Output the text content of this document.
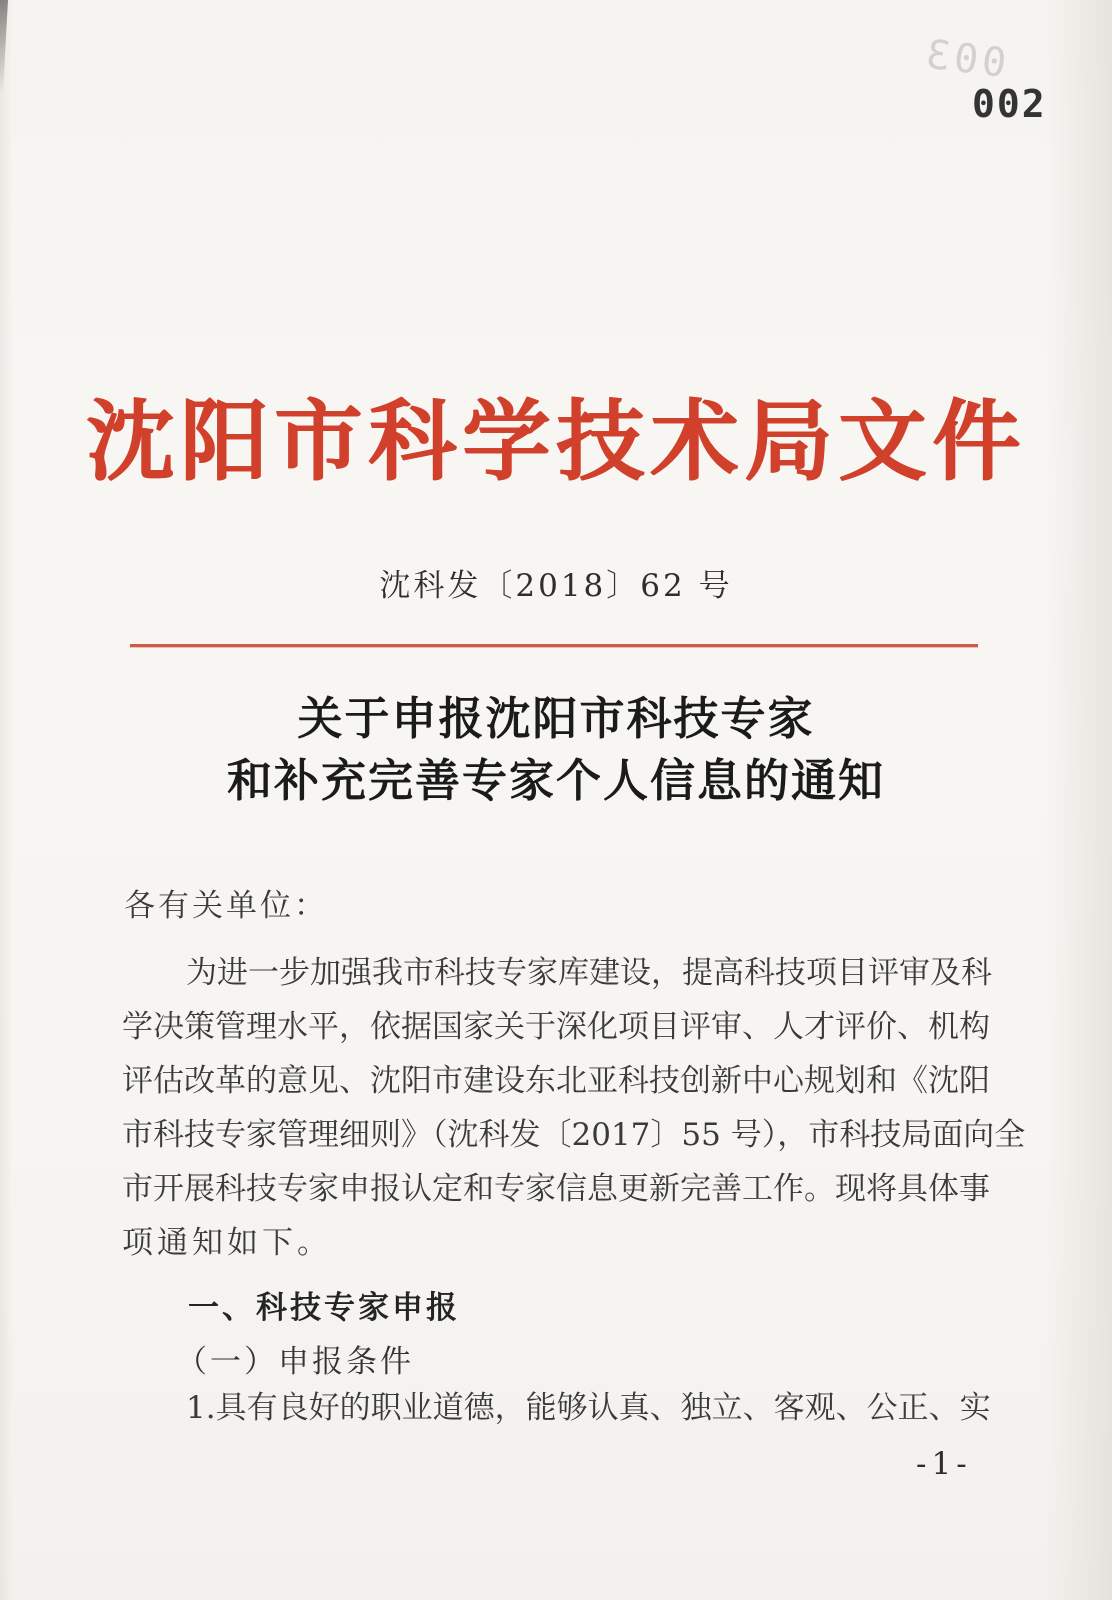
003
002
沈阳市科学技术局文件
沈科发〔2018〕62 号
关于申报沈阳市科技专家
和补充完善专家个人信息的通知
各有关单位：
为进一步加强我市科技专家库建设，提高科技项目评审及科
学决策管理水平，依据国家关于深化项目评审、人才评价、机构
评估改革的意见、沈阳市建设东北亚科技创新中心规划和《沈阳
市科技专家管理细则》（沈科发〔2017〕55 号），市科技局面向全
市开展科技专家申报认定和专家信息更新完善工作。现将具体事
项通知如下。
一、科技专家申报
（一）申报条件
1.具有良好的职业道德，能够认真、独立、客观、公正、实
-1-
